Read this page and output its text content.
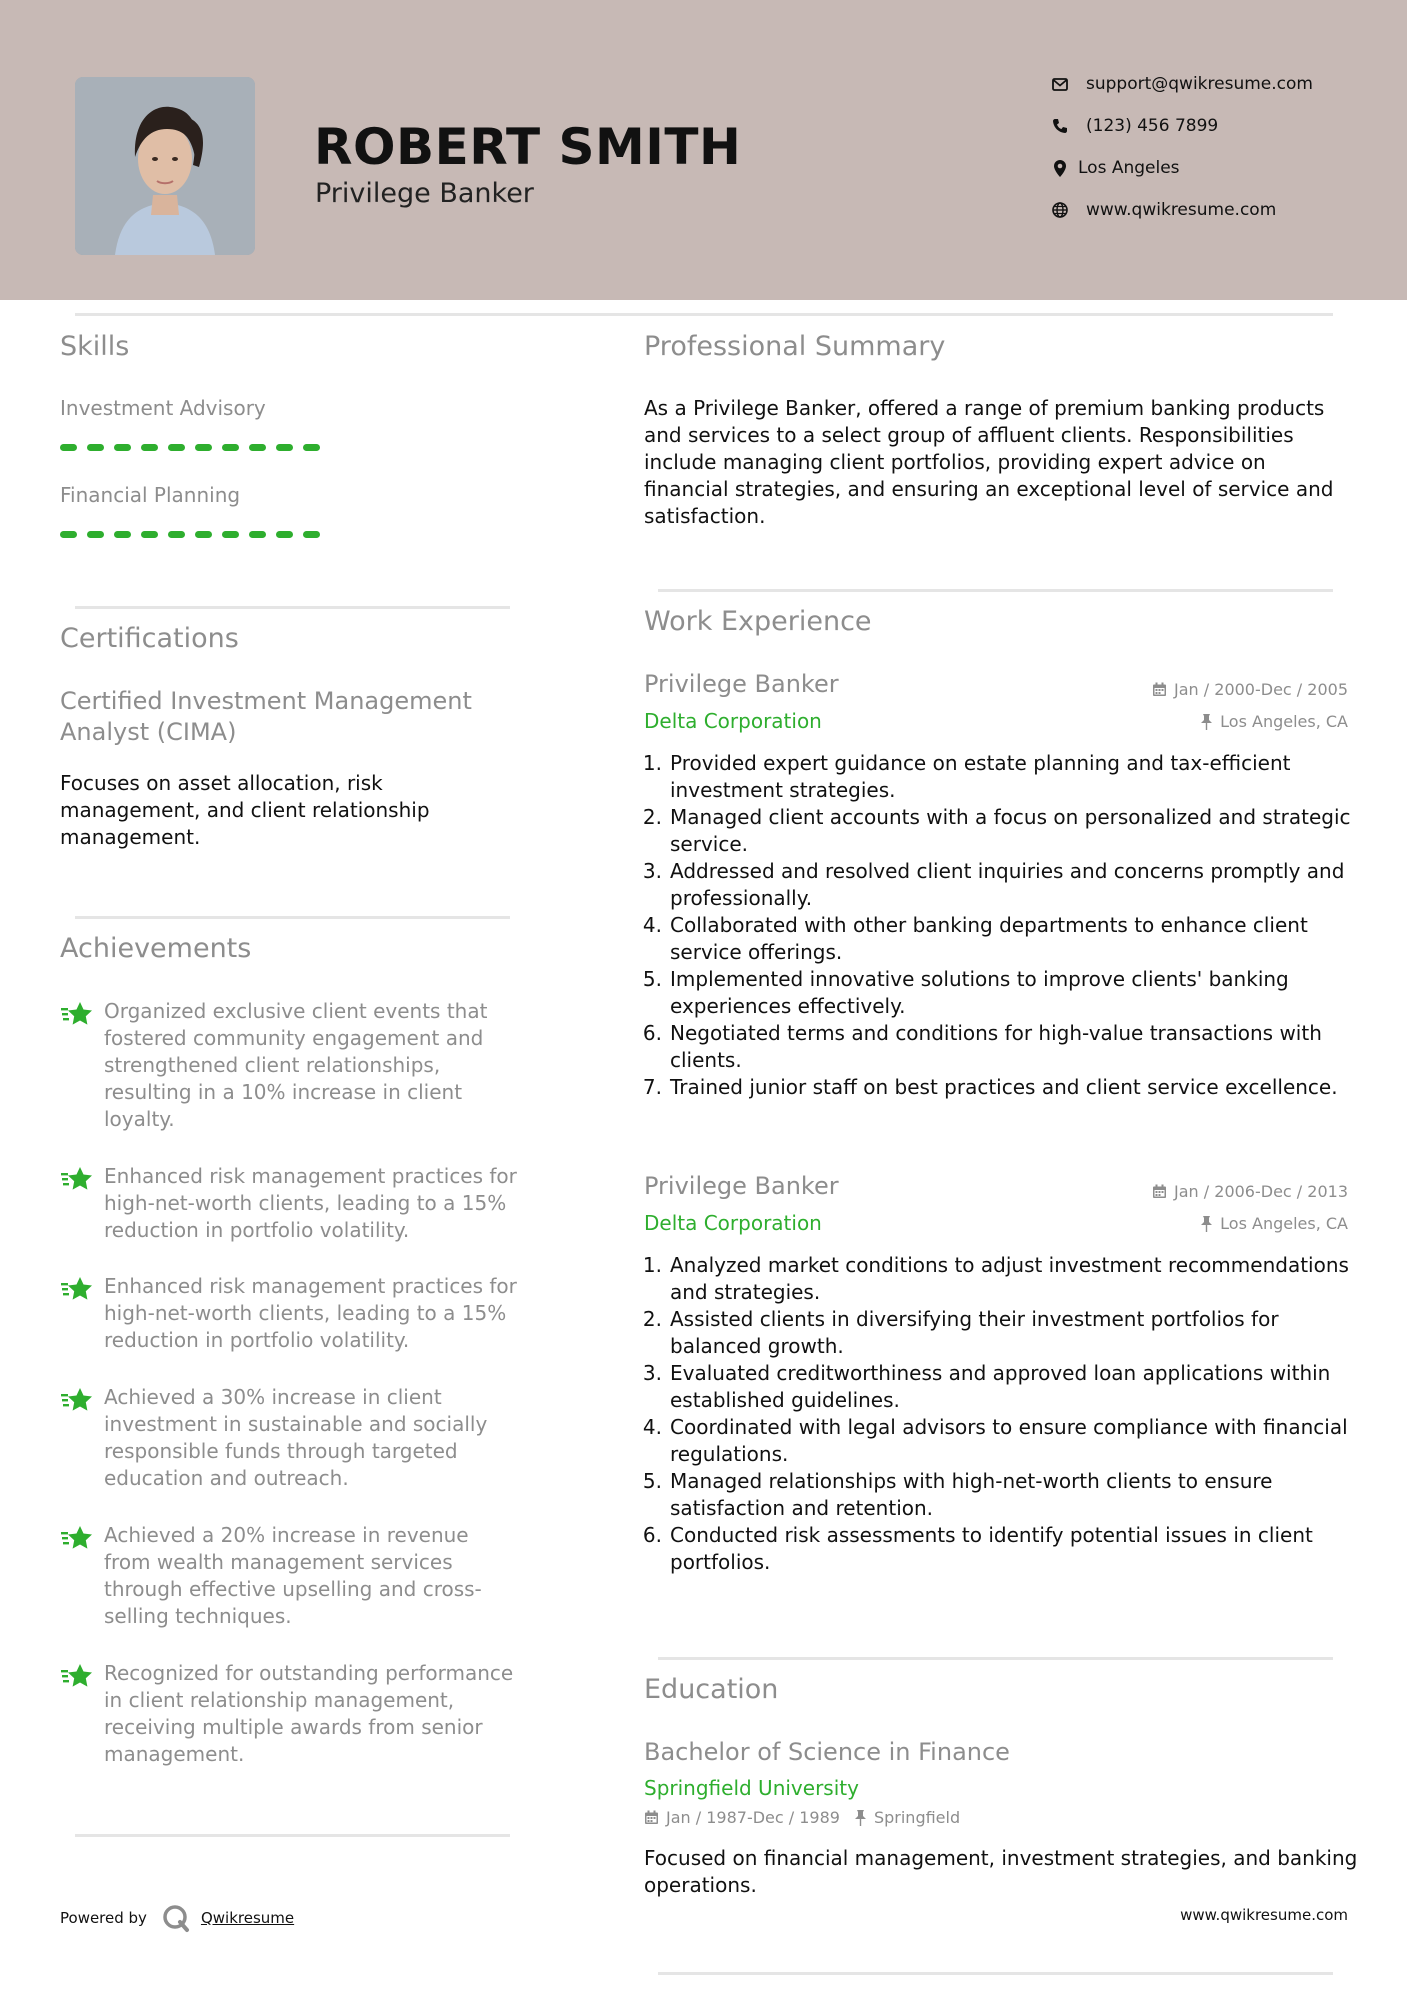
ROBERT SMITH
Privilege Banker
support@qwikresume.com
(123) 456 7899
Los Angeles
www.qwikresume.com
Skills
Investment Advisory
Financial Planning
Certifications
Certified Investment Management Analyst (CIMA)
Focuses on asset allocation, risk management, and client relationship management.
Achievements
Organized exclusive client events that fostered community engagement and strengthened client relationships, resulting in a 10% increase in client loyalty.
Enhanced risk management practices for high-net-worth clients, leading to a 15% reduction in portfolio volatility.
Enhanced risk management practices for high-net-worth clients, leading to a 15% reduction in portfolio volatility.
Achieved a 30% increase in client investment in sustainable and socially responsible funds through targeted education and outreach.
Achieved a 20% increase in revenue from wealth management services through effective upselling and cross-selling techniques.
Recognized for outstanding performance in client relationship management, receiving multiple awards from senior management.
Professional Summary
As a Privilege Banker, offered a range of premium banking products and services to a select group of affluent clients. Responsibilities include managing client portfolios, providing expert advice on financial strategies, and ensuring an exceptional level of service and satisfaction.
Work Experience
Privilege Banker	Jan / 2000-Dec / 2005
Delta Corporation	Los Angeles, CA
1. Provided expert guidance on estate planning and tax-efficient investment strategies.
2. Managed client accounts with a focus on personalized and strategic service.
3. Addressed and resolved client inquiries and concerns promptly and professionally.
4. Collaborated with other banking departments to enhance client service offerings.
5. Implemented innovative solutions to improve clients' banking experiences effectively.
6. Negotiated terms and conditions for high-value transactions with clients.
7. Trained junior staff on best practices and client service excellence.
Privilege Banker	Jan / 2006-Dec / 2013
Delta Corporation	Los Angeles, CA
1. Analyzed market conditions to adjust investment recommendations and strategies.
2. Assisted clients in diversifying their investment portfolios for balanced growth.
3. Evaluated creditworthiness and approved loan applications within established guidelines.
4. Coordinated with legal advisors to ensure compliance with financial regulations.
5. Managed relationships with high-net-worth clients to ensure satisfaction and retention.
6. Conducted risk assessments to identify potential issues in client portfolios.
Education
Bachelor of Science in Finance
Springfield University
Jan / 1987-Dec / 1989 Springfield
Focused on financial management, investment strategies, and banking operations.
Powered by	Qwikresume	www.qwikresume.com
